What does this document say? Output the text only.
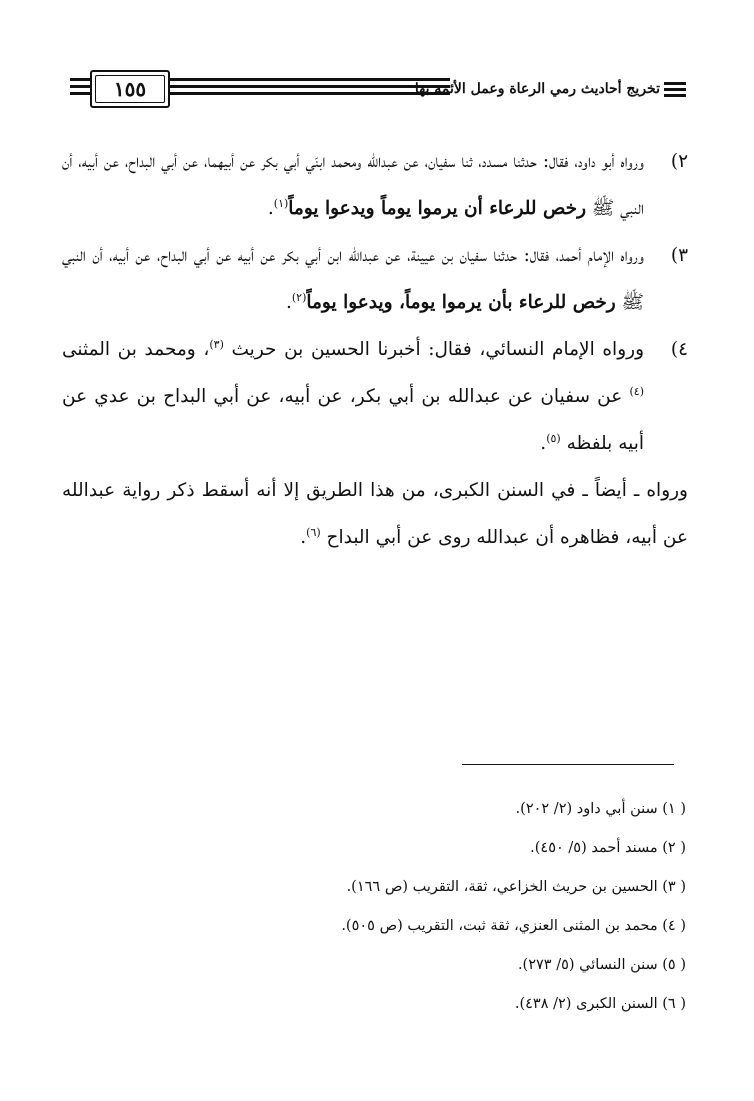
١٥٥	تخريج أحاديث رمي الرعاة وعمل الأئمة بها
٢)
ورواه أبو داود، فقال: حدثنا مسدد، ثنا سفيان، عن عبدالله ومحمد ابنَي أبي بكر عن أبيهما، عن أبي البداح، عن أبيه، أن النبي ﷺ رخص للرعاء أن يرموا يوماً ويدعوا يوماً$^{(١)}$.
٣)
ورواه الإمام أحمد، فقال: حدثنا سفيان بن عيينة، عن عبدالله ابن أبي بكر عن أبيه عن أبي البداح، عن أبيه، أن النبي ﷺ رخص للرعاء بأن يرموا يوماً، ويدعوا يوماً$^{(٢)}$.
٤)
ورواه الإمام النسائي، فقال: أخبرنا الحسين بن حريث $^{(٣)}$، ومحمد بن المثنى $^{(٤)}$ عن سفيان عن عبدالله بن أبي بكر، عن أبيه، عن أبي البداح بن عدي عن أبيه بلفظه $^{(٥)}$.
ورواه ـ أيضاً ـ في السنن الكبرى، من هذا الطريق إلا أنه أسقط ذكر رواية عبدالله عن أبيه، فظاهره أن عبدالله روى عن أبي البداح $^{(٦)}$.
( ١) سنن أبي داود (٢/ ٢٠٢).
( ٢) مسند أحمد (٥/ ٤٥٠).
( ٣) الحسين بن حريث الخزاعي، ثقة، التقريب (ص ١٦٦).
( ٤) محمد بن المثنى العنزي، ثقة ثبت، التقريب (ص ٥٠٥).
( ٥) سنن النسائي (٥/ ٢٧٣).
( ٦) السنن الكبرى (٢/ ٤٣٨).
